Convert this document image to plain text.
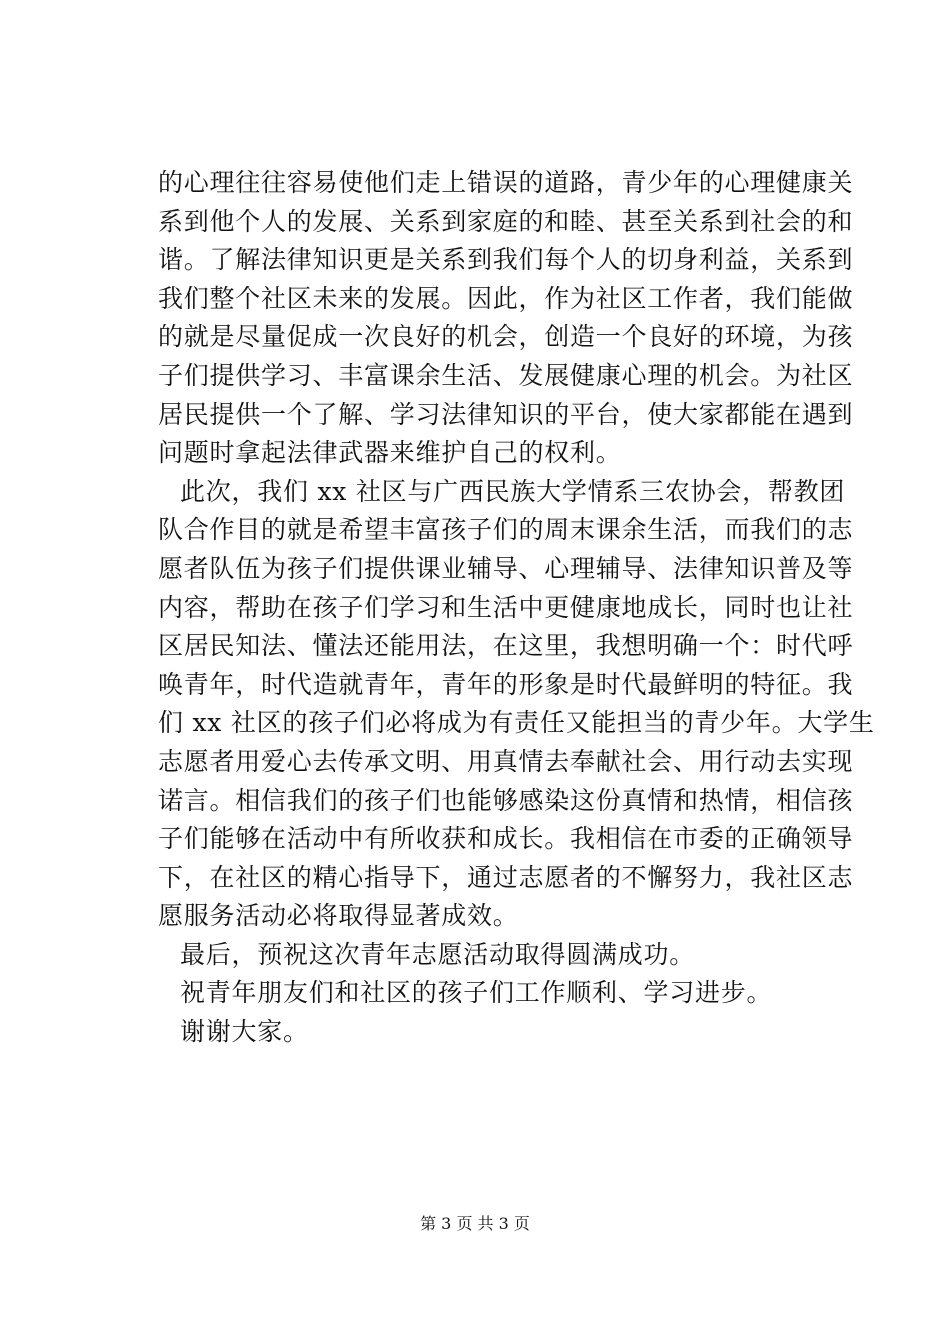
的心理往往容易使他们走上错误的道路，青少年的心理健康关
系到他个人的发展、关系到家庭的和睦、甚至关系到社会的和
谐。了解法律知识更是关系到我们每个人的切身利益，关系到
我们整个社区未来的发展。因此，作为社区工作者，我们能做
的就是尽量促成一次良好的机会，创造一个良好的环境，为孩
子们提供学习、丰富课余生活、发展健康心理的机会。为社区
居民提供一个了解、学习法律知识的平台，使大家都能在遇到
问题时拿起法律武器来维护自己的权利。
此次，我们 xx 社区与广西民族大学情系三农协会，帮教团
队合作目的就是希望丰富孩子们的周末课余生活，而我们的志
愿者队伍为孩子们提供课业辅导、心理辅导、法律知识普及等
内容，帮助在孩子们学习和生活中更健康地成长，同时也让社
区居民知法、懂法还能用法，在这里，我想明确一个：时代呼
唤青年，时代造就青年，青年的形象是时代最鲜明的特征。我
们 xx 社区的孩子们必将成为有责任又能担当的青少年。大学生
志愿者用爱心去传承文明、用真情去奉献社会、用行动去实现
诺言。相信我们的孩子们也能够感染这份真情和热情，相信孩
子们能够在活动中有所收获和成长。我相信在市委的正确领导
下，在社区的精心指导下，通过志愿者的不懈努力，我社区志
愿服务活动必将取得显著成效。
最后，预祝这次青年志愿活动取得圆满成功。
祝青年朋友们和社区的孩子们工作顺利、学习进步。
谢谢大家。
第 3 页 共 3 页
